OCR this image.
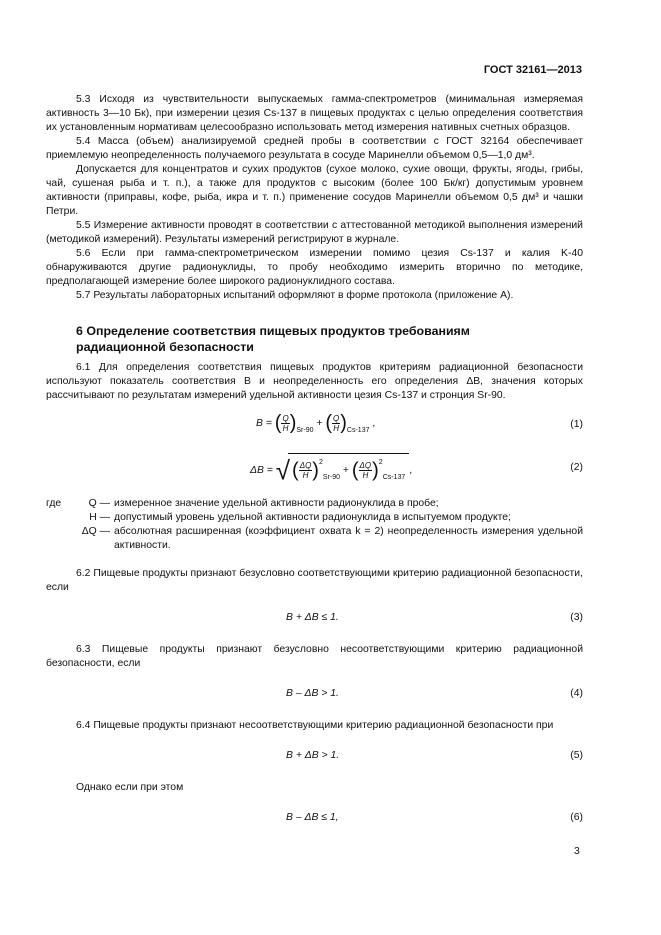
ГОСТ 32161—2013

5.3 Исходя из чувствительности выпускаемых гамма-спектрометров (минимальная измеряемая активность 3—10 Бк), при измерении цезия Cs-137 в пищевых продуктах с целью определения соответствия их установленным нормативам целесообразно использовать метод измерения нативных счетных образцов.

5.4 Масса (объем) анализируемой средней пробы в соответствии с ГОСТ 32164 обеспечивает приемлемую неопределенность получаемого результата в сосуде Маринелли объемом 0,5—1,0 дм³.

Допускается для концентратов и сухих продуктов (сухое молоко, сухие овощи, фрукты, ягоды, грибы, чай, сушеная рыба и т. п.), а также для продуктов с высоким (более 100 Бк/кг) допустимым уровнем активности (приправы, кофе, рыба, икра и т. п.) применение сосудов Маринелли объемом 0,5 дм³ и чашки Петри.

5.5 Измерение активности проводят в соответствии с аттестованной методикой выполнения измерений (методикой измерений). Результаты измерений регистрируют в журнале.

5.6 Если при гамма-спектрометрическом измерении помимо цезия Cs-137 и калия K-40 обнаруживаются другие радионуклиды, то пробу необходимо измерить вторично по методике, предполагающей измерение более широкого радионуклидного состава.

5.7 Результаты лабораторных испытаний оформляют в форме протокола (приложение А).

6 Определение соответствия пищевых продуктов требованиям
радиационной безопасности

6.1 Для определения соответствия пищевых продуктов критериям радиационной безопасности используют показатель соответствия B и неопределенность его определения ΔB, значения которых рассчитывают по результатам измерений удельной активности цезия Cs-137 и стронция Sr-90.

B = ( $\frac{Q}{H} )_{Sr-90}$ + ( $\frac{Q}{H} )_{Cs-137}$ ,	(1)
ΔB = √ ( $\frac{\Delta Q}{H} )^2_{Sr-90}$ + ( $\frac{\Delta Q}{H} )^2_{Cs-137}$,	(2)
где	Q — измеренное значение удельной активности радионуклида в пробе;
H — допустимый уровень удельной активности радионуклида в испытуемом продукте;
ΔQ — абсолютная расширенная (коэффициент охвата k = 2) неопределенность измерения удельной активности.

6.2 Пищевые продукты признают безусловно соответствующими критерию радиационной безопасности, если

B + ΔB ≤ 1.	(3)

6.3 Пищевые продукты признают безусловно несоответствующими критерию радиационной безопасности, если

B – ΔB > 1.	(4)

6.4 Пищевые продукты признают несоответствующими критерию радиационной безопасности при

B + ΔB > 1.	(5)

Однако если при этом

B – ΔB ≤ 1,	(6)
3
